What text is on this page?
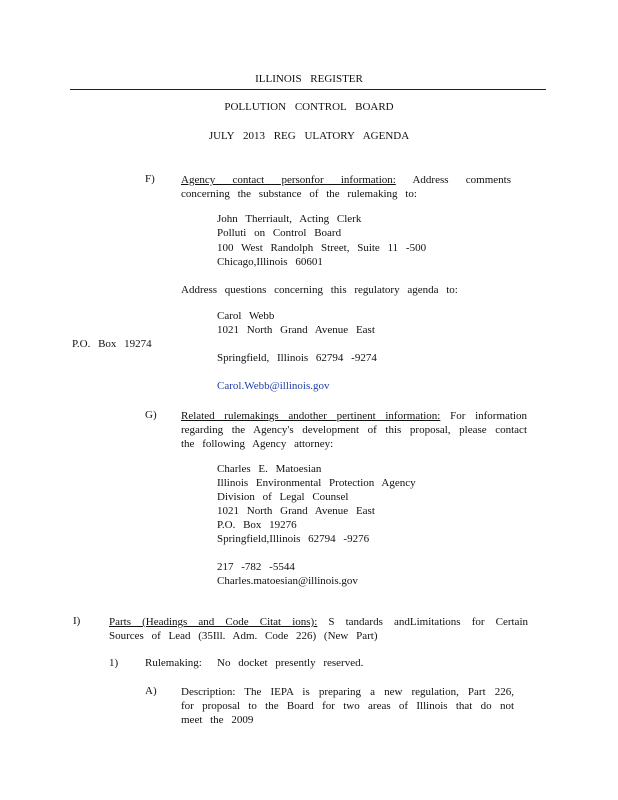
ILLINOIS REGISTER
POLLUTION CONTROL BOARD
JULY 2013 REG ULATORY AGENDA
F) Agency contact personfor information: Address comments concerning the substance of the rulemaking to:
John Therriault, Acting Clerk
Polluti on Control Board
100 West Randolph Street, Suite 11 -500
Chicago,Illinois 60601
Address questions concerning this regulatory agenda to:
Carol Webb
1021 North Grand Avenue East
P.O. Box 19274
Springfield, Illinois 62794 -9274
Carol.Webb@illinois.gov
G) Related rulemakings andother pertinent information: For information regarding the Agency's development of this proposal, please contact the following Agency attorney:
Charles E. Matoesian
Illinois Environmental Protection Agency
Division of Legal Counsel
1021 North Grand Avenue East
P.O. Box 19276
Springfield,Illinois 62794 -9276
217 -782 -5544
Charles.matoesian@illinois.gov
I)	Parts (Headings and Code Citat ions): S tandards andLimitations for Certain Sources of Lead (35Ill. Adm. Code 226) (New Part)
1) Rulemaking: No docket presently reserved.
A) Description: The IEPA is preparing a new regulation, Part 226, for proposal to the Board for two areas of Illinois that do not meet the 2009
